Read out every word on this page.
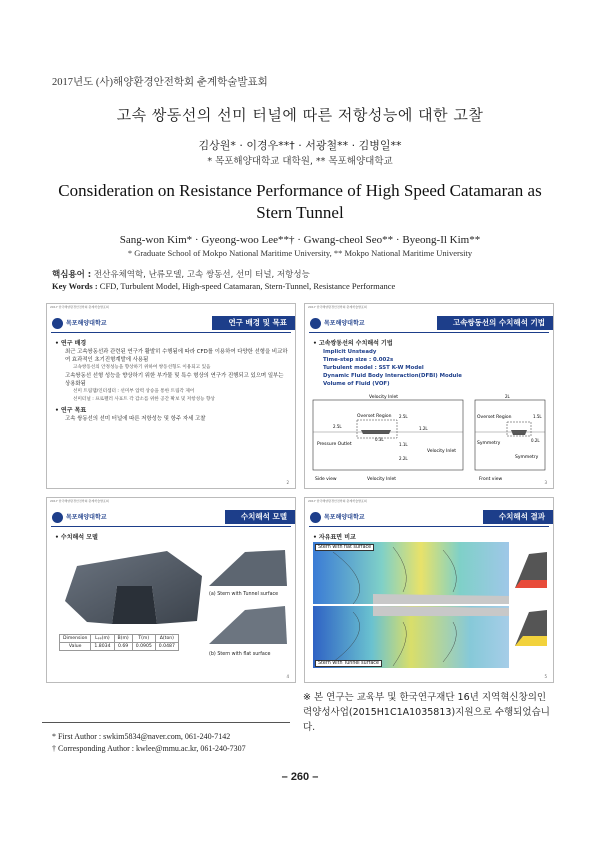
2017년도 (사)해양환경안전학회 춘계학술발표회
고속 쌍동선의 선미 터널에 따른 저항성능에 대한 고찰
김상원* · 이경우**† · 서광철** · 김병일**
* 목포해양대학교 대학원, ** 목포해양대학교
Consideration on Resistance Performance of High Speed Catamaran as
Stern Tunnel
Sang-won Kim* · Gyeong-woo Lee**† · Gwang-cheol Seo** · Byeong-Il Kim**
* Graduate School of Mokpo National Maritime University, ** Mokpo National Maritime University
핵심용어 : 전산유체역학, 난류모델, 고속 쌍동선, 선미 터널, 저항성능
Key Words : CFD, Turbulent Model, High-speed Catamaran, Stern-Tunnel, Resistance Performance
2017 한국해양환경안전학회 춘계학술발표회
목포해양대학교	연구 배경 및 목표
• 연구 배경
최근 고속쌍동선과 관련된 연구가 활발히 수행됨에 따라 CFD를 이용하여 다양한 선형을 비교하여 효과적인 초기진형계발에 사용됨
고속쌍동선의 안정성능을 향상하기 위하여 쌍동선형도 이용되고 있음
고속쌍동선 선형 성능을 향상하기 위한 부가물 및 특수 형상의 연구가 진행되고 있으며 일부는 상용화됨
선미 트림탭/인터셉터 : 선미부 압력 상승을 통한 트림각 제어
선미터널 : 프로펠러 사표트 각 감소를 위한 공간 확보 및 저항성능 향상
• 연구 목표
고속 쌍동선의 선미 터널에 따른 저항성능 및 항주 자세 고찰
2
2017 한국해양환경안전학회 춘계학술발표회
목포해양대학교	고속쌍동선의 수치해석 기법
• 고속쌍동선의 수치해석 기법
Implicit Unsteady
Time-step size : 0.002s
Turbulent model : SST K-W Model
Dynamic Fluid Body Interaction(DFBI) Module
Volume of Fluid (VOF)
Velocity Inlet
Overset Region
Pressure Outlet
Velocity Inlet
Velocity Inlet
Side view
2.5L
2.5L
1.2L
0.3L
1.1L
2.2L
2L
Overset Region
Symmetry
Symmetry
0.2L
1.5L
Front view
3
2017 한국해양환경안전학회 춘계학술발표회
목포해양대학교	수치해석 모델
• 수치해석 모델
(a) Stern with Tunnel surface
(b) Stern with flat surface
Dimension	Lₚₚ(m)	B(m)	T(m)	Δ(ton)
Value	1.8034	0.69	0.0905	0.0487
4
2017 한국해양환경안전학회 춘계학술발표회
목포해양대학교	수치해석 결과
• 자유표면 비교
Stern with flat surface
Stern with Tunnel surface
5
※ 본 연구는 교육부 및 한국연구재단 16년 지역혁신창의인력양성사업(2015H1C1A1035813)지원으로 수행되었습니다.
* First Author : swkim5834@naver.com, 061-240-7142
† Corresponding Author : kwlee@mmu.ac.kr, 061-240-7307
– 260 –
